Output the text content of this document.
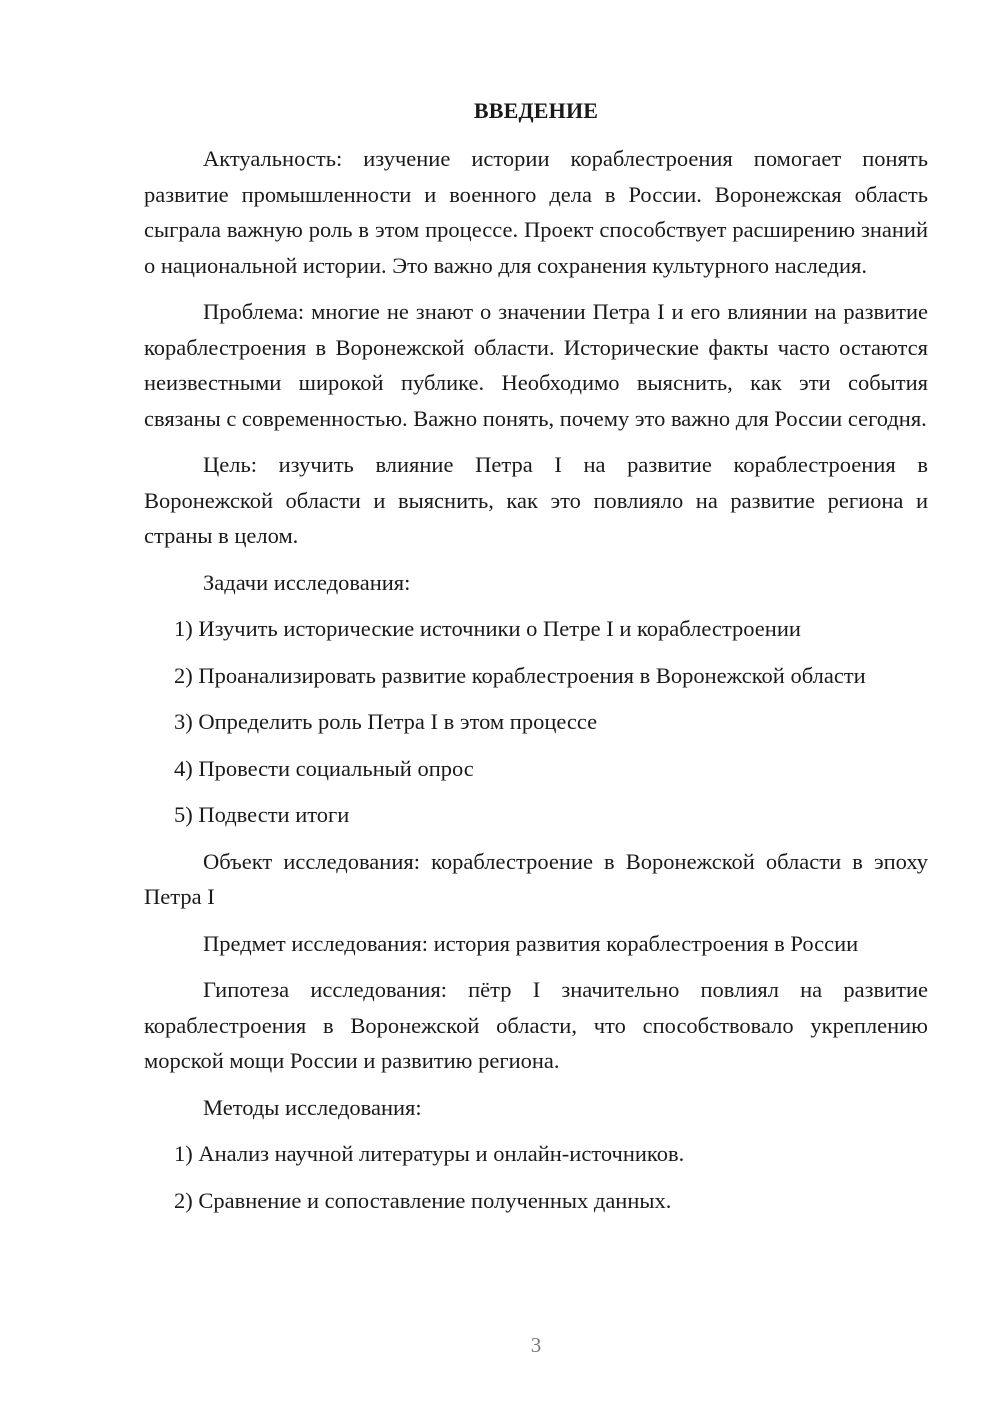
ВВЕДЕНИЕ

Актуальность: изучение истории кораблестроения помогает понять развитие промышленности и военного дела в России. Воронежская область сыграла важную роль в этом процессе. Проект способствует расширению знаний о национальной истории. Это важно для сохранения культурного наследия.

Проблема: многие не знают о значении Петра I и его влиянии на развитие кораблестроения в Воронежской области. Исторические факты часто остаются неизвестными широкой публике. Необходимо выяснить, как эти события связаны с современностью. Важно понять, почему это важно для России сегодня.

Цель: изучить влияние Петра I на развитие кораблестроения в Воронежской области и выяснить, как это повлияло на развитие региона и страны в целом.

Задачи исследования:

1) Изучить исторические источники о Петре I и кораблестроении

2) Проанализировать развитие кораблестроения в Воронежской области

3) Определить роль Петра I в этом процессе

4) Провести социальный опрос

5) Подвести итоги

Объект исследования: кораблестроение в Воронежской области в эпоху Петра I

Предмет исследования: история развития кораблестроения в России

Гипотеза исследования: пётр I значительно повлиял на развитие кораблестроения в Воронежской области, что способствовало укреплению морской мощи России и развитию региона.

Методы исследования:

1) Анализ научной литературы и онлайн-источников.

2) Сравнение и сопоставление полученных данных.

3
